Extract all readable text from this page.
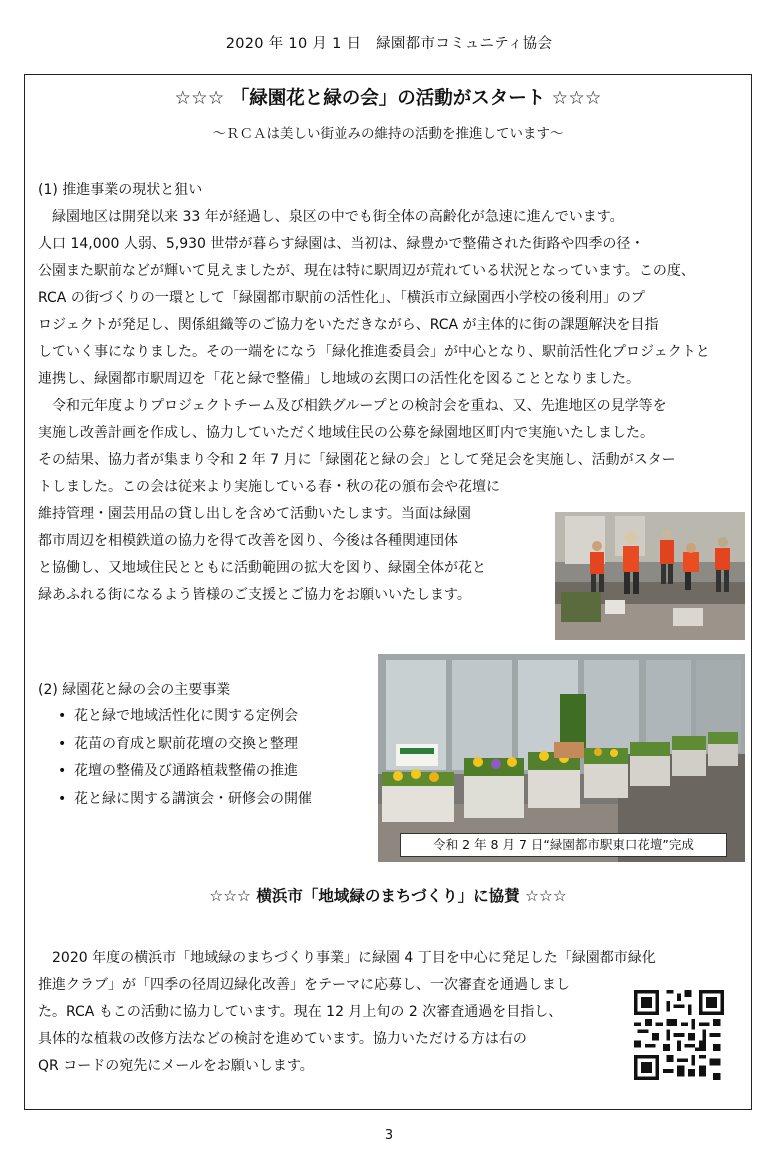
2020 年 10 月 1 日　緑園都市コミュニティ協会
☆☆☆ 「緑園花と緑の会」の活動がスタート ☆☆☆
～ＲＣＡは美しい街並みの維持の活動を推進しています～
(1) 推進事業の現状と狙い
　緑園地区は開発以来 33 年が経過し、泉区の中でも街全体の高齢化が急速に進んでいます。
人口 14,000 人弱、5,930 世帯が暮らす緑園は、当初は、緑豊かで整備された街路や四季の径・
公園また駅前などが輝いて見えましたが、現在は特に駅周辺が荒れている状況となっています。この度、
RCA の街づくりの一環として「緑園都市駅前の活性化」、「横浜市立緑園西小学校の後利用」のプ
ロジェクトが発足し、関係組織等のご協力をいただきながら、RCA が主体的に街の課題解決を目指
していく事になりました。その一端をになう「緑化推進委員会」が中心となり、駅前活性化プロジェクトと
連携し、緑園都市駅周辺を「花と緑で整備」し地域の玄関口の活性化を図ることとなりました。
　令和元年度よりプロジェクトチーム及び相鉄グループとの検討会を重ね、又、先進地区の見学等を
実施し改善計画を作成し、協力していただく地域住民の公募を緑園地区町内で実施いたしました。
その結果、協力者が集まり令和 2 年 7 月に「緑園花と緑の会」として発足会を実施し、活動がスター
トしました。この会は従来より実施している春・秋の花の頒布会や花壇に
維持管理・園芸用品の貸し出しを含めて活動いたします。当面は緑園
都市周辺を相模鉄道の協力を得て改善を図り、今後は各種関連団体
と協働し、又地域住民とともに活動範囲の拡大を図り、緑園全体が花と
緑あふれる街になるよう皆様のご支援とご協力をお願いいたします。
令和 2 年 8 月 7 日“緑園都市駅東口花壇”完成
(2) 緑園花と緑の会の主要事業
• 花と緑で地域活性化に関する定例会
• 花苗の育成と駅前花壇の交換と整理
• 花壇の整備及び通路植栽整備の推進
• 花と緑に関する講演会・研修会の開催
☆☆☆ 横浜市「地域緑のまちづくり」に協賛 ☆☆☆
　2020 年度の横浜市「地域緑のまちづくり事業」に緑園 4 丁目を中心に発足した「緑園都市緑化
推進クラブ」が「四季の径周辺緑化改善」をテーマに応募し、一次審査を通過しまし
た。RCA もこの活動に協力しています。現在 12 月上旬の 2 次審査通過を目指し、
具体的な植栽の改修方法などの検討を進めています。協力いただける方は右の
QR コードの宛先にメールをお願いします。
3
